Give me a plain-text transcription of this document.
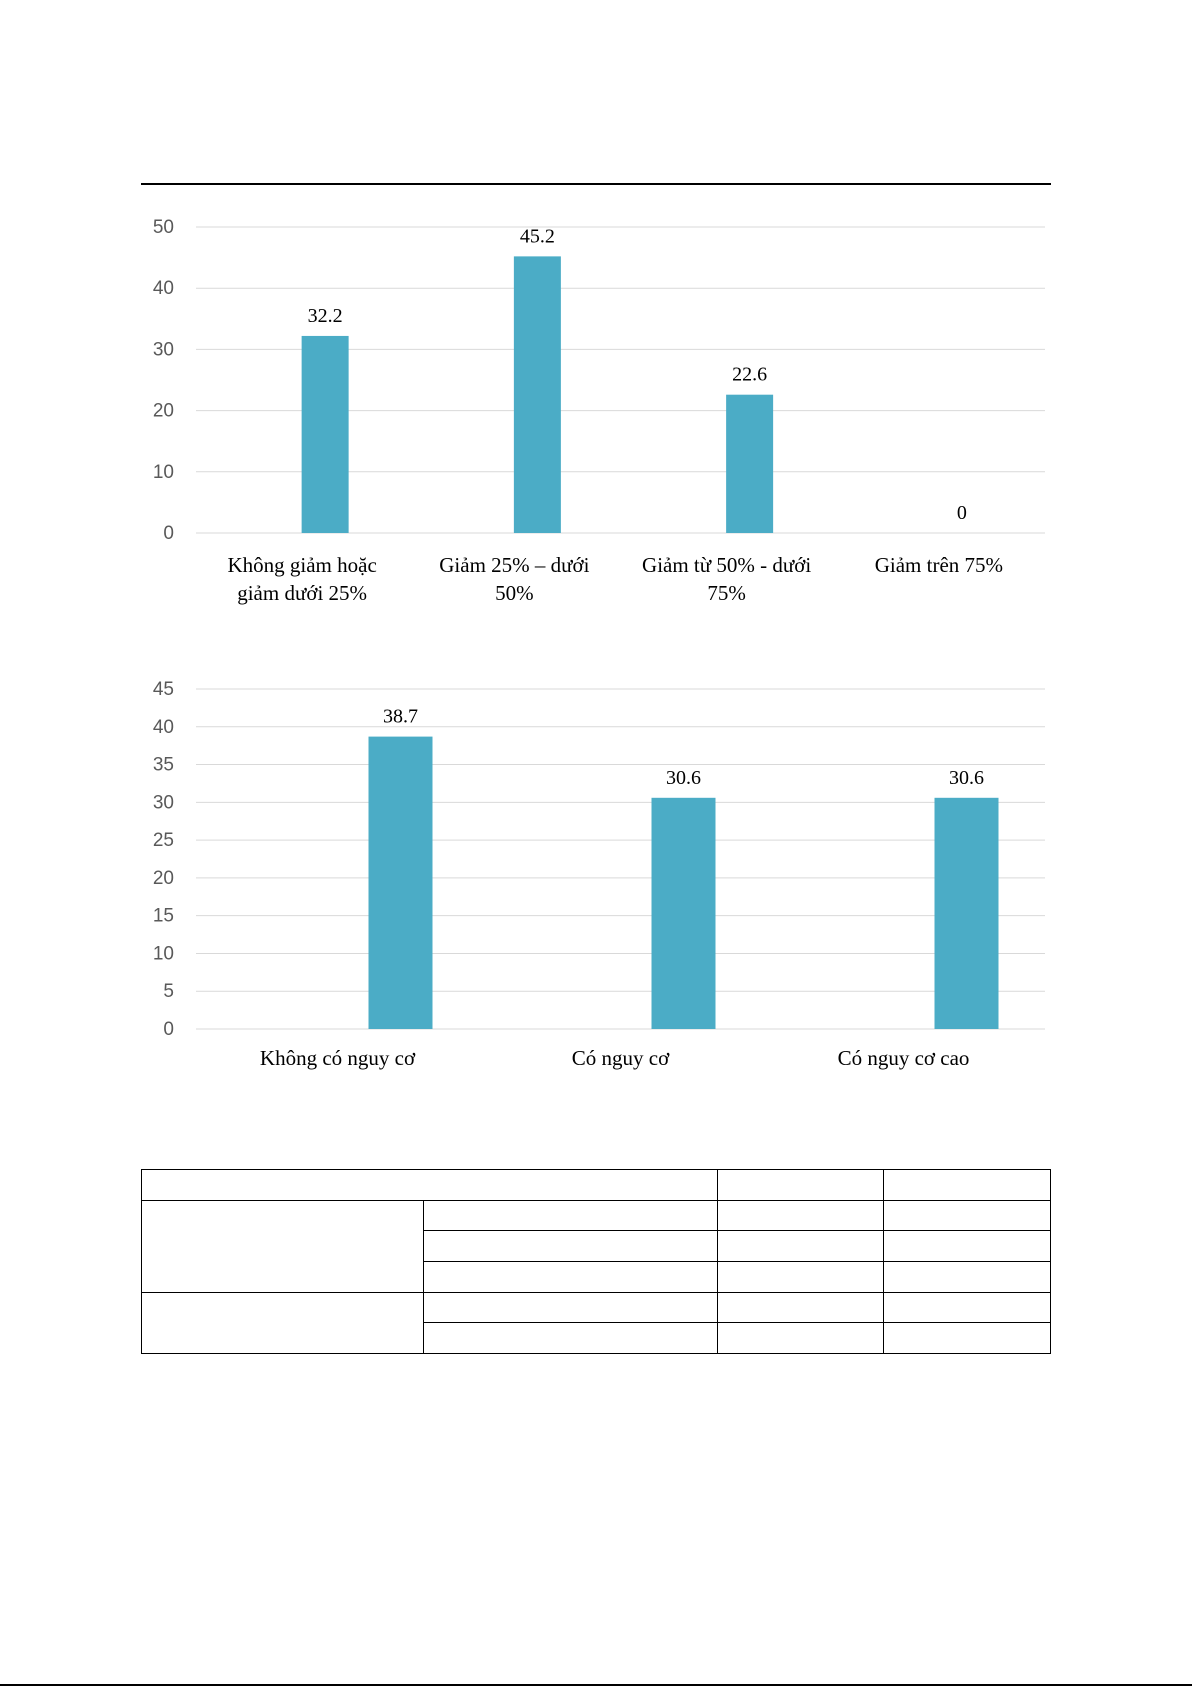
0
10
20
30
40
50
32.2
Không giảm hoặc
giảm dưới 25%
45.2
Giảm 25% – dưới
50%
22.6
Giảm từ 50% - dưới
75%
0
Giảm trên 75%
0
5
10
15
20
25
30
35
40
45
38.7
Không có nguy cơ
30.6
Có nguy cơ
30.6
Có nguy cơ cao
